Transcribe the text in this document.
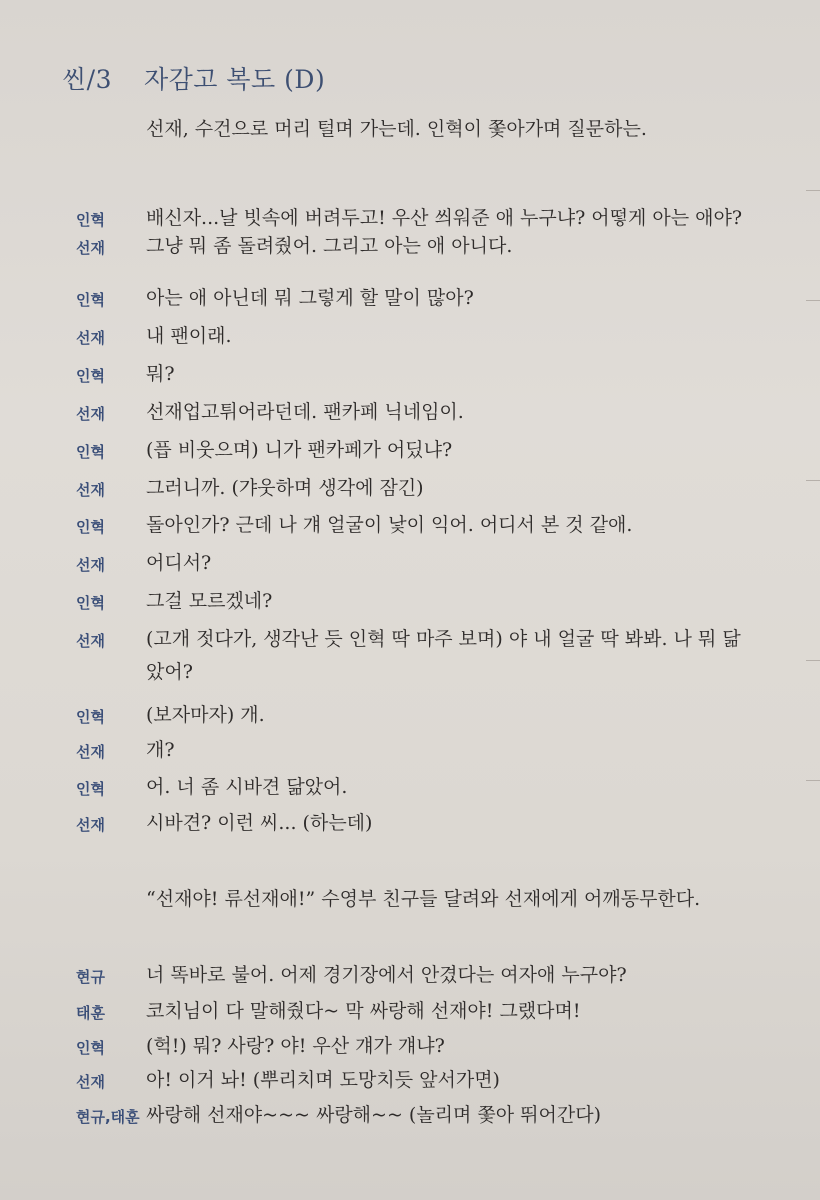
씬/3 자감고 복도 (D)
선재, 수건으로 머리 털며 가는데. 인혁이 쫓아가며 질문하는.
인혁 배신자...날 빗속에 버려두고! 우산 씌워준 애 누구냐? 어떻게 아는 애야?
선재 그냥 뭐 좀 돌려줬어. 그리고 아는 애 아니다.
인혁 아는 애 아닌데 뭐 그렇게 할 말이 많아?
선재 내 팬이래.
인혁 뭐?
선재 선재업고튀어라던데. 팬카페 닉네임이.
인혁 (픕 비웃으며) 니가 팬카페가 어딨냐?
선재 그러니까. (갸웃하며 생각에 잠긴)
인혁 돌아인가? 근데 나 걔 얼굴이 낯이 익어. 어디서 본 것 같애.
선재 어디서?
인혁 그걸 모르겠네?
선재 (고개 젓다가, 생각난 듯 인혁 딱 마주 보며) 야 내 얼굴 딱 봐봐. 나 뭐 닮
았어?
인혁 (보자마자) 개.
선재 개?
인혁 어. 너 좀 시바견 닮았어.
선재 시바견? 이런 씨... (하는데)
“선재야! 류선재애!” 수영부 친구들 달려와 선재에게 어깨동무한다.
현규 너 똑바로 불어. 어제 경기장에서 안겼다는 여자애 누구야?
태훈 코치님이 다 말해줬다~ 막 싸랑해 선재야! 그랬다며!
인혁 (헉!) 뭐? 사랑? 야! 우산 걔가 걔냐?
선재 아! 이거 놔! (뿌리치며 도망치듯 앞서가면)
현규,태훈 싸랑해 선재야~~~ 싸랑해~~ (놀리며 쫓아 뛰어간다)
